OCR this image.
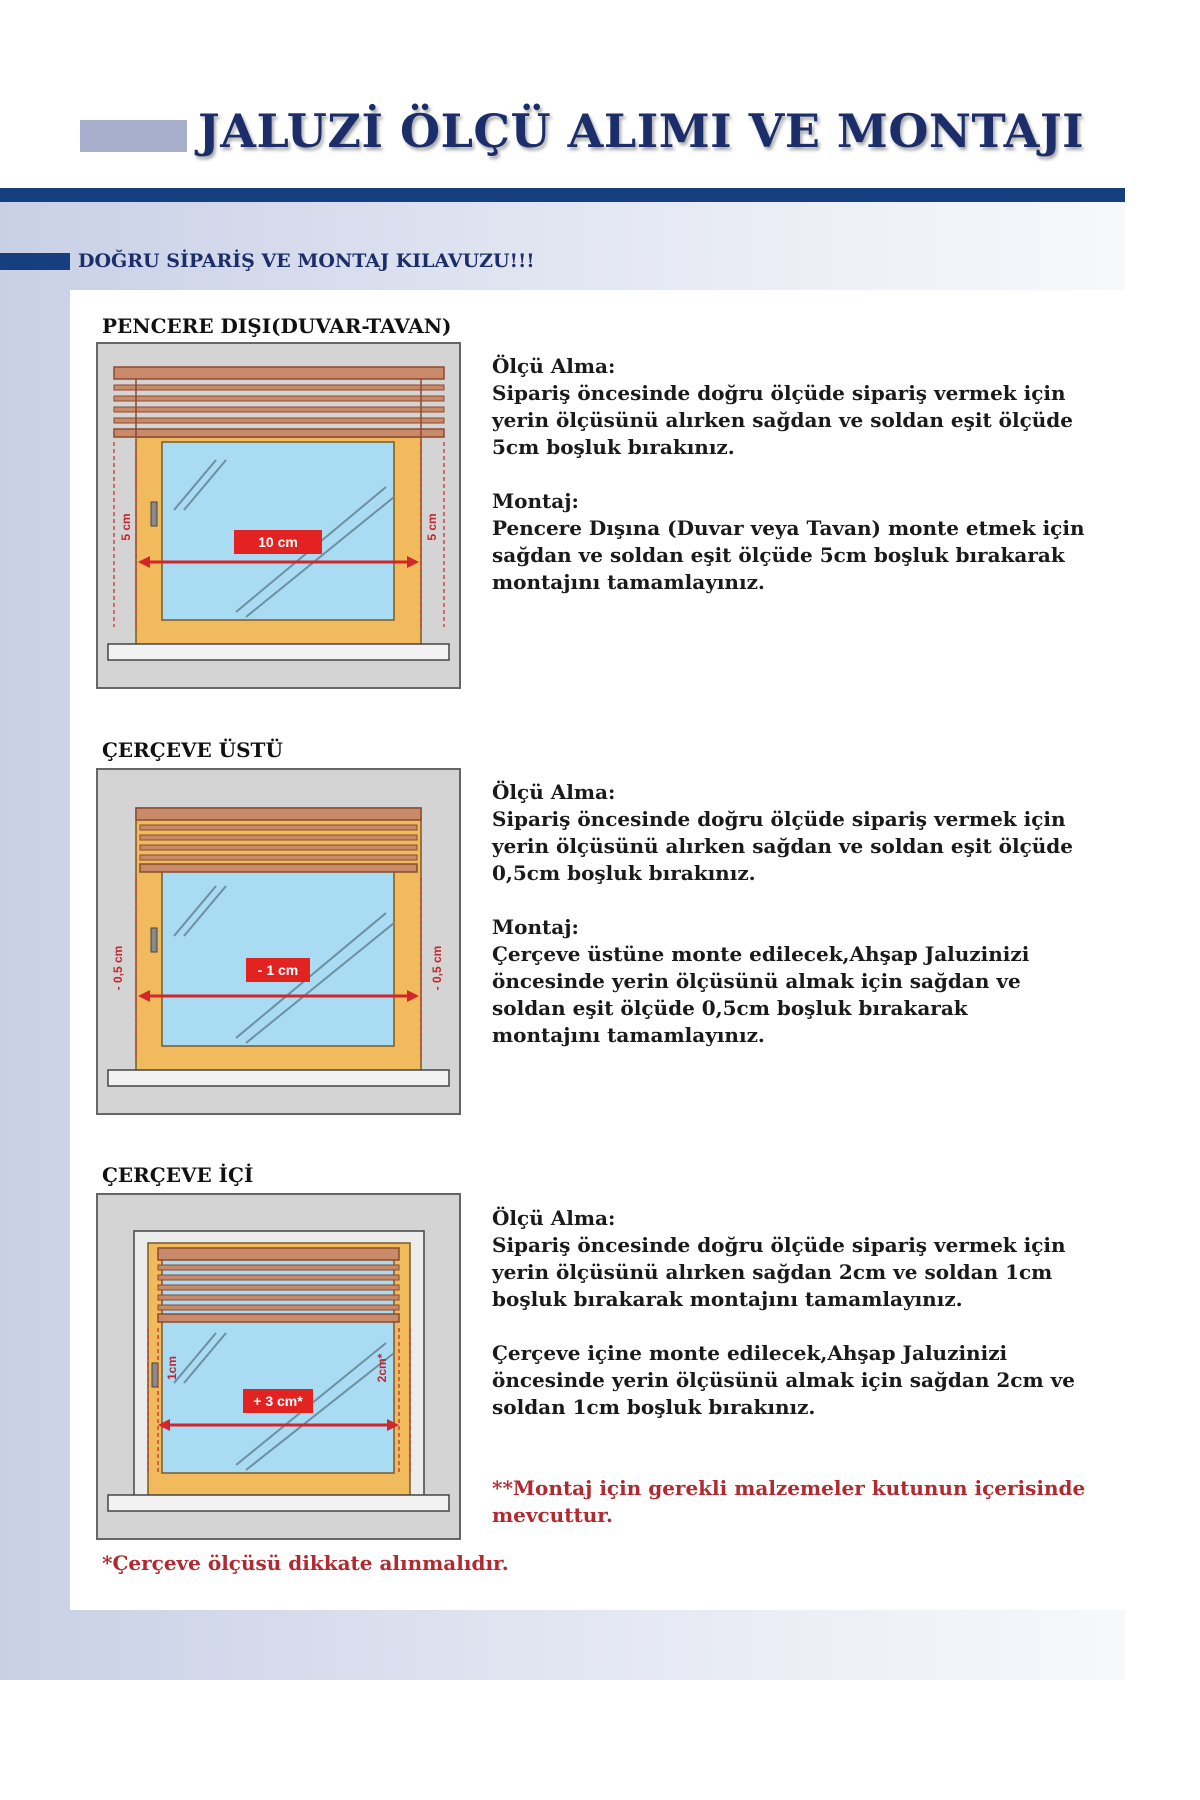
JALUZİ ÖLÇÜ ALIMI VE MONTAJI
DOĞRU SİPARİŞ VE MONTAJ KILAVUZU!!!
PENCERE DIŞI(DUVAR-TAVAN)
5 cm	5 cm
10 cm

Ölçü Alma:

Sipariş öncesinde doğru ölçüde sipariş vermek için

yerin ölçüsünü alırken sağdan ve soldan eşit ölçüde

5cm boşluk bırakınız.

Montaj:

Pencere Dışına (Duvar veya Tavan) monte etmek için

sağdan ve soldan eşit ölçüde 5cm boşluk bırakarak

montajını tamamlayınız.

ÇERÇEVE ÜSTÜ
- 0,5 cm	- 0,5 cm
- 1 cm

Ölçü Alma:

Sipariş öncesinde doğru ölçüde sipariş vermek için

yerin ölçüsünü alırken sağdan ve soldan eşit ölçüde

0,5cm boşluk bırakınız.

Montaj:

Çerçeve üstüne monte edilecek,Ahşap Jaluzinizi

öncesinde yerin ölçüsünü almak için sağdan ve

soldan eşit ölçüde 0,5cm boşluk bırakarak

montajını tamamlayınız.

ÇERÇEVE İÇİ
1cm	2cm*
+ 3 cm*

Ölçü Alma:

Sipariş öncesinde doğru ölçüde sipariş vermek için

yerin ölçüsünü alırken sağdan 2cm ve soldan 1cm

boşluk bırakarak montajını tamamlayınız.

Çerçeve içine monte edilecek,Ahşap Jaluzinizi

öncesinde yerin ölçüsünü almak için sağdan 2cm ve

soldan 1cm boşluk bırakınız.

**Montaj için gerekli malzemeler kutunun içerisinde

mevcuttur.

*Çerçeve ölçüsü dikkate alınmalıdır.
